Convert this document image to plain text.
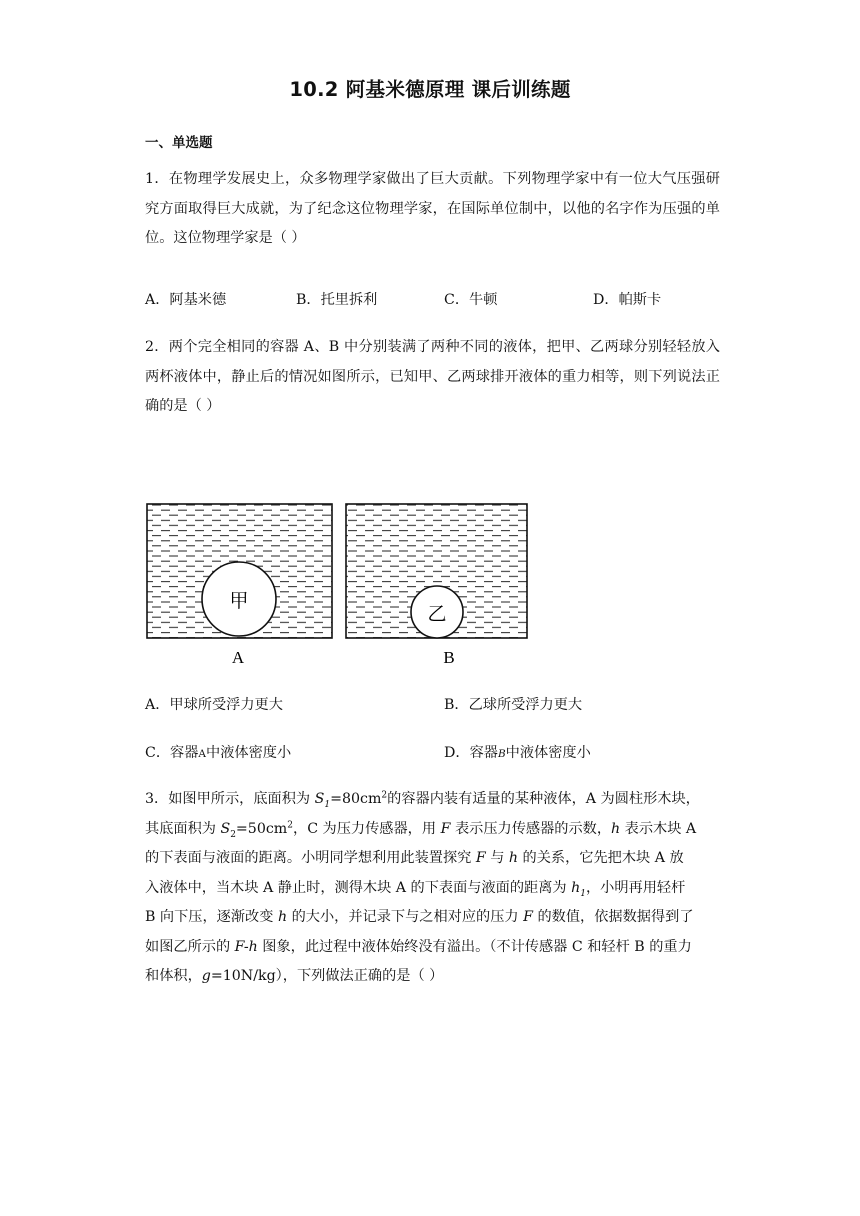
10.2 阿基米德原理 课后训练题
一、单选题
1．在物理学发展史上，众多物理学家做出了巨大贡献。下列物理学家中有一位大气压强研究方面取得巨大成就，为了纪念这位物理学家，在国际单位制中，以他的名字作为压强的单位。这位物理学家是（ ）
A．阿基米德	B．托里拆利	C．牛顿	D．帕斯卡
2．两个完全相同的容器 A、B 中分别装满了两种不同的液体，把甲、乙两球分别轻轻放入两杯液体中，静止后的情况如图所示，已知甲、乙两球排开液体的重力相等，则下列说法正确的是（ ）
甲
A
乙
B
A．甲球所受浮力更大	B．乙球所受浮力更大
C．容器A中液体密度小	D．容器B中液体密度小
3．如图甲所示，底面积为 $S_1=80cm^2$的容器内装有适量的某种液体，A 为圆柱形木块，
其底面积为 $S_2=50cm^2$，C 为压力传感器，用 F 表示压力传感器的示数，h 表示木块 A
的下表面与液面的距离。小明同学想利用此装置探究 F 与 h 的关系，它先把木块 A 放
入液体中，当木块 A 静止时，测得木块 A 的下表面与液面的距离为 $h_1$，小明再用轻杆
B 向下压，逐渐改变 h 的大小，并记录下与之相对应的压力 F 的数值，依据数据得到了
如图乙所示的 F-h 图象，此过程中液体始终没有溢出。（不计传感器 C 和轻杆 B 的重力
和体积，g=10N/kg），下列做法正确的是（ ）
